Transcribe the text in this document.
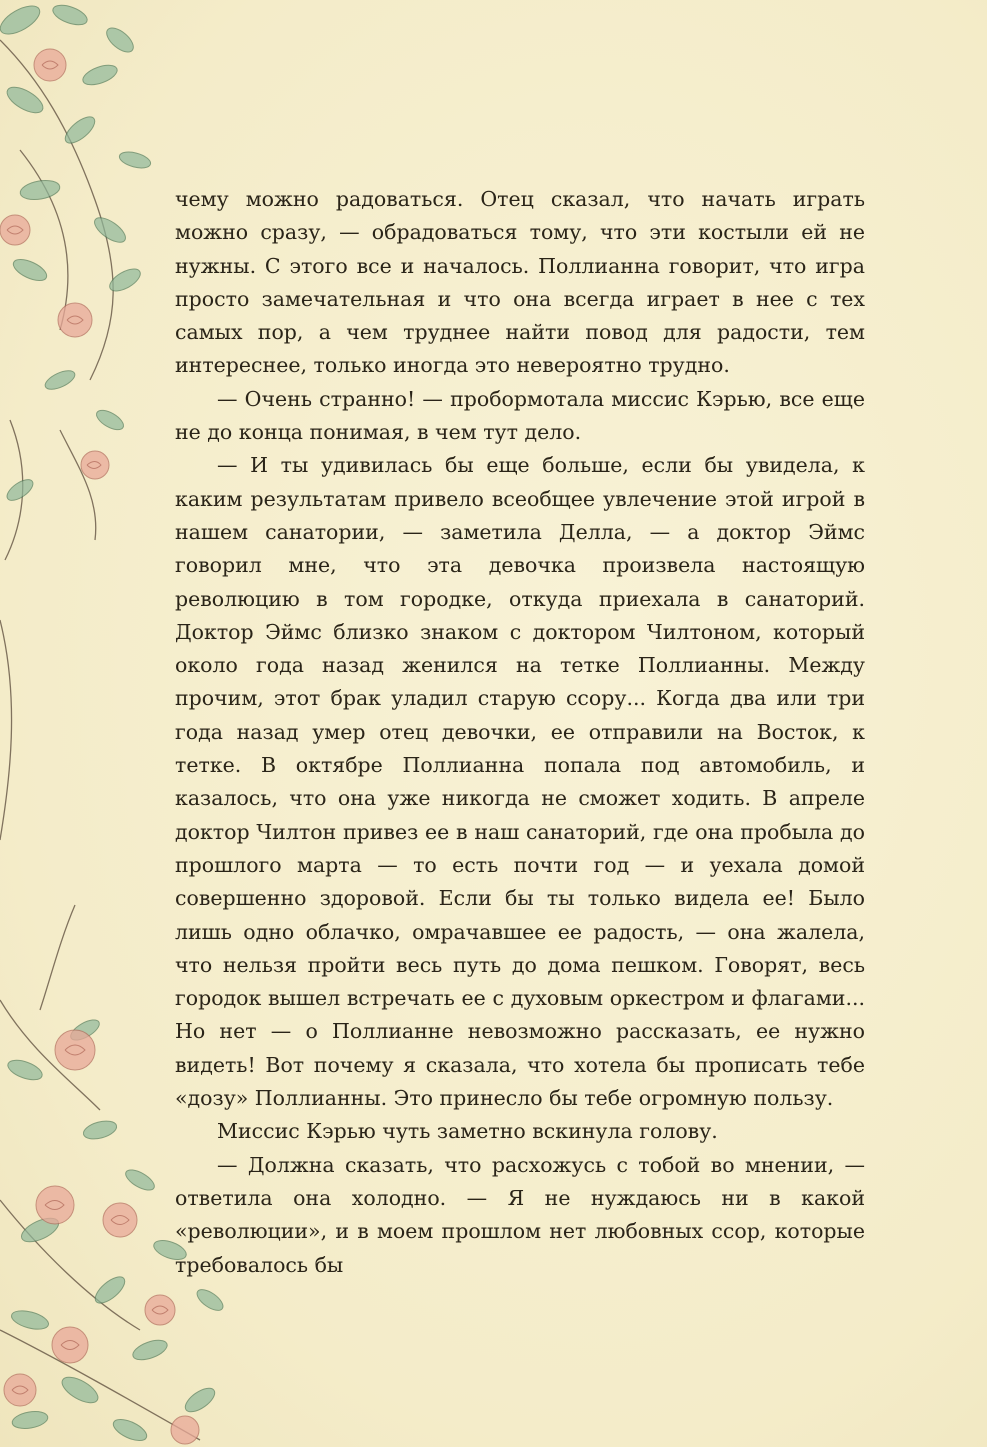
чему можно радоваться. Отец сказал, что начать играть можно сразу, — обрадоваться тому, что эти костыли ей не нужны. С этого все и началось. Поллианна говорит, что игра просто замечательная и что она всегда играет в нее с тех самых пор, а чем труднее найти повод для радости, тем интереснее, только иногда это невероятно трудно.

— Очень странно! — пробормотала миссис Кэрью, все еще не до конца понимая, в чем тут дело.

— И ты удивилась бы еще больше, если бы увидела, к каким результатам привело всеобщее увлечение этой игрой в нашем санатории, — заметила Делла, — а доктор Эймс говорил мне, что эта девочка произвела настоящую революцию в том городке, откуда приехала в санаторий. Доктор Эймс близко знаком с доктором Чилтоном, который около года назад женился на тетке Поллианны. Между прочим, этот брак уладил старую ссору... Когда два или три года назад умер отец девочки, ее отправили на Восток, к тетке. В октябре Поллианна попала под автомобиль, и казалось, что она уже никогда не сможет ходить. В апреле доктор Чилтон привез ее в наш санаторий, где она пробыла до прошлого марта — то есть почти год — и уехала домой совершенно здоровой. Если бы ты только видела ее! Было лишь одно облачко, омрачавшее ее радость, — она жалела, что нельзя пройти весь путь до дома пешком. Говорят, весь городок вышел встречать ее с духовым оркестром и флагами... Но нет — о Поллианне невозможно рассказать, ее нужно видеть! Вот почему я сказала, что хотела бы прописать тебе «дозу» Поллианны. Это принесло бы тебе огромную пользу.

Миссис Кэрью чуть заметно вскинула голову.

— Должна сказать, что расхожусь с тобой во мнении, — ответила она холодно. — Я не нуждаюсь ни в какой «революции», и в моем прошлом нет любовных ссор, которые требовалось бы
